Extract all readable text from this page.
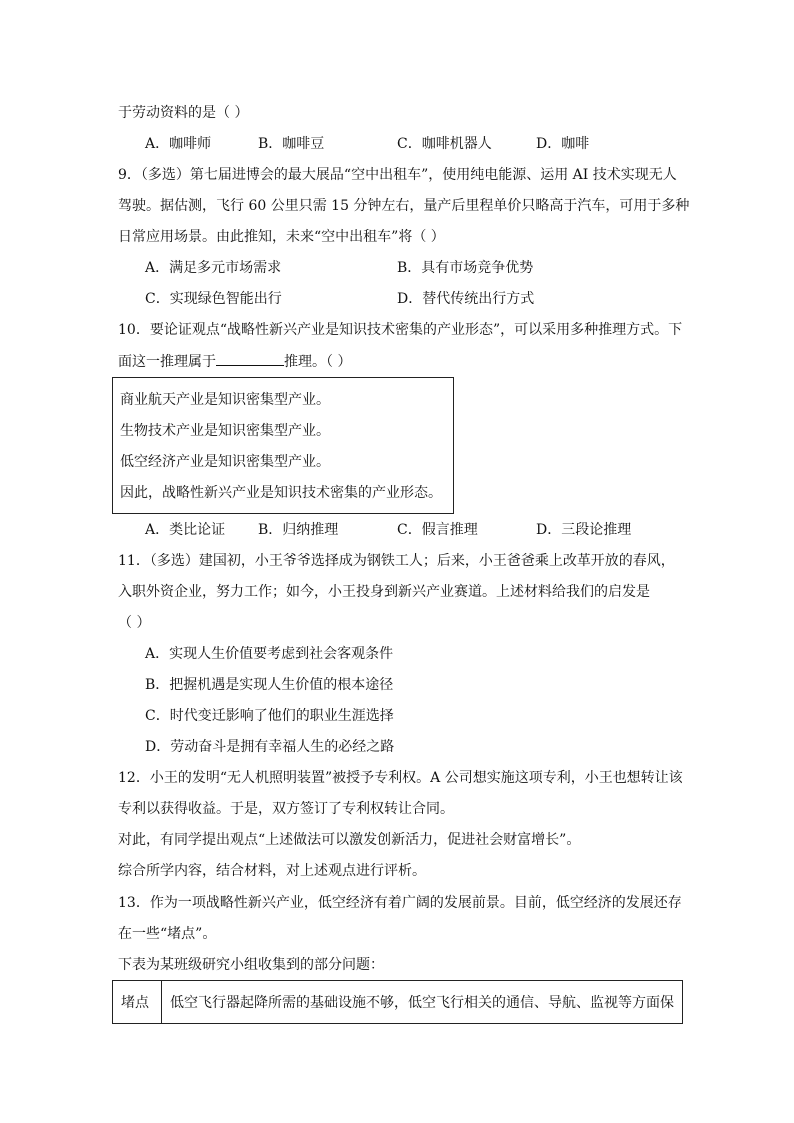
于劳动资料的是（ ）
A．咖啡师	B．咖啡豆	C．咖啡机器人	D．咖啡
9．（多选）第七届进博会的最大展品“空中出租车”，使用纯电能源、运用 AI 技术实现无人
驾驶。据估测，飞行 60 公里只需 15 分钟左右，量产后里程单价只略高于汽车，可用于多种
日常应用场景。由此推知，未来“空中出租车”将（ ）
A．满足多元市场需求	B．具有市场竞争优势
C．实现绿色智能出行	D．替代传统出行方式
10．要论证观点“战略性新兴产业是知识技术密集的产业形态”，可以采用多种推理方式。下
面这一推理属于	推理。（ ）
商业航天产业是知识密集型产业。
生物技术产业是知识密集型产业。
低空经济产业是知识密集型产业。
因此，战略性新兴产业是知识技术密集的产业形态。
A．类比论证 B．归纳推理	C．假言推理	D．三段论推理
11．（多选）建国初，小王爷爷选择成为钢铁工人；后来，小王爸爸乘上改革开放的春风，
入职外资企业，努力工作；如今，小王投身到新兴产业赛道。上述材料给我们的启发是
（ ）
A．实现人生价值要考虑到社会客观条件
B．把握机遇是实现人生价值的根本途径
C．时代变迁影响了他们的职业生涯选择
D．劳动奋斗是拥有幸福人生的必经之路
12．小王的发明“无人机照明装置”被授予专利权。A 公司想实施这项专利，小王也想转让该
专利以获得收益。于是，双方签订了专利权转让合同。
对此，有同学提出观点“上述做法可以激发创新活力，促进社会财富增长”。
综合所学内容，结合材料，对上述观点进行评析。
13．作为一项战略性新兴产业，低空经济有着广阔的发展前景。目前，低空经济的发展还存
在一些“堵点”。
下表为某班级研究小组收集到的部分问题：
堵点	低空飞行器起降所需的基础设施不够，低空飞行相关的通信、导航、监视等方面保
